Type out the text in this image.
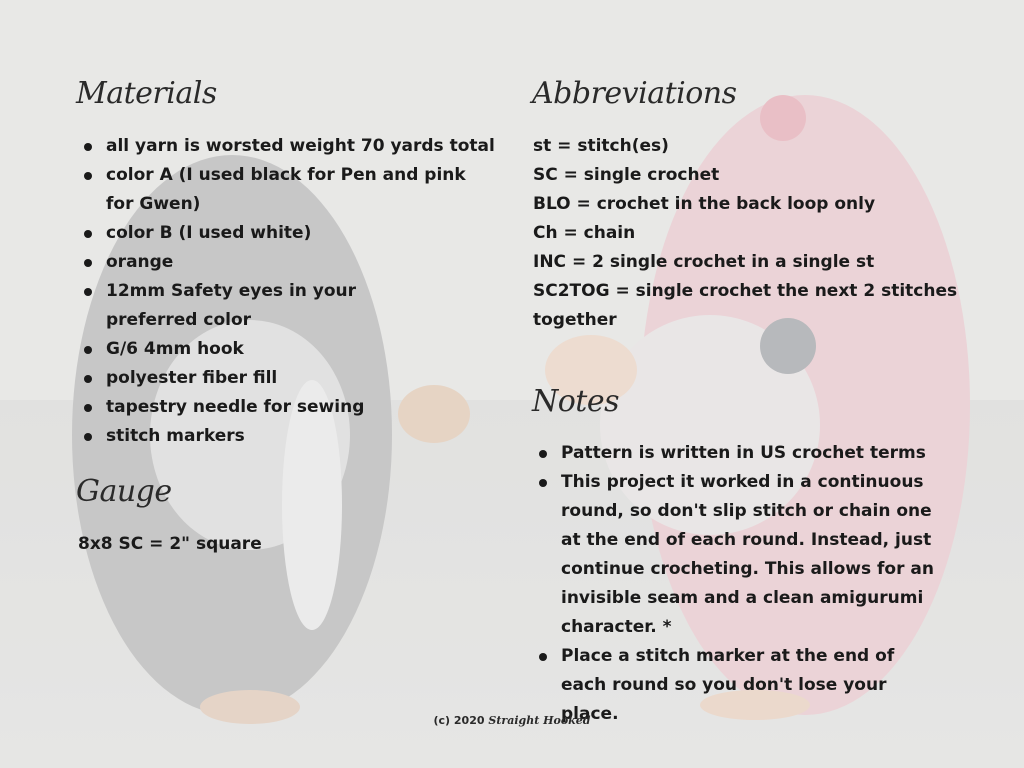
Materials
all yarn is worsted weight 70 yards total
color A (I used black for Pen and pink for Gwen)
color B (I used white)
orange
12mm Safety eyes in your preferred color
G/6 4mm hook
polyester fiber fill
tapestry needle for sewing
stitch markers
Gauge
8x8 SC = 2" square
Abbreviations
st = stitch(es)
SC = single crochet
BLO = crochet in the back loop only
Ch = chain
INC = 2 single crochet in a single st
SC2TOG = single crochet the next 2 stitches
together
Notes
Pattern is written in US crochet terms
This project it worked in a continuous round, so don't slip stitch or chain one at the end of each round. Instead, just continue crocheting. This allows for an invisible seam and a clean amigurumi character. *
Place a stitch marker at the end of each round so you don't lose your place.
(c) 2020 Straight Hooked
